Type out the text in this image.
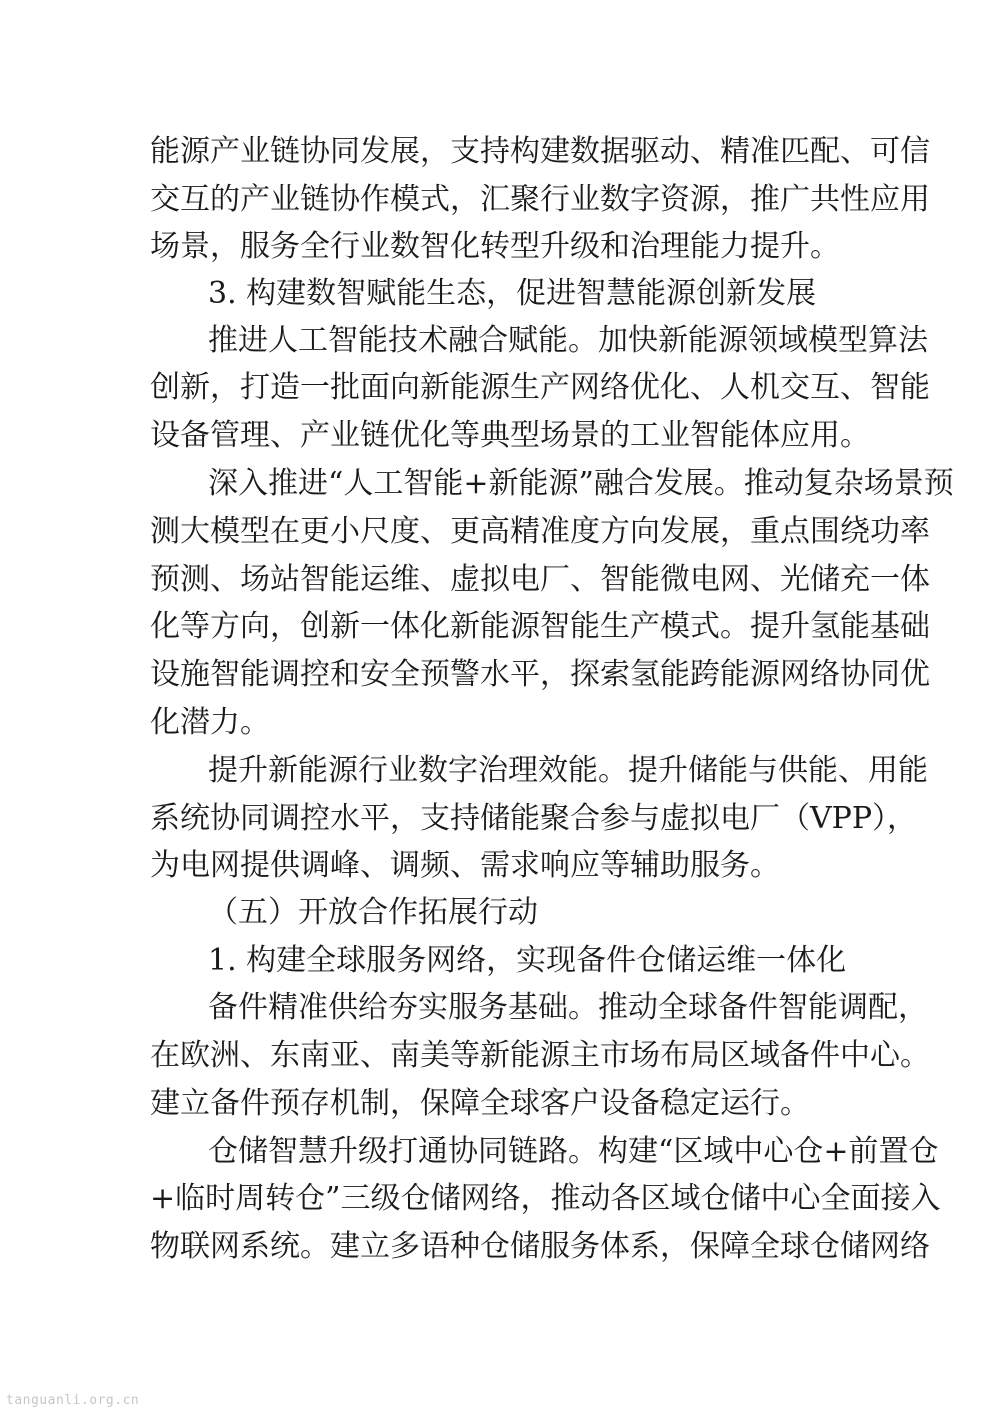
能源产业链协同发展，支持构建数据驱动、精准匹配、可信
交互的产业链协作模式，汇聚行业数字资源，推广共性应用
场景，服务全行业数智化转型升级和治理能力提升。
3. 构建数智赋能生态，促进智慧能源创新发展
推进人工智能技术融合赋能。加快新能源领域模型算法
创新，打造一批面向新能源生产网络优化、人机交互、智能
设备管理、产业链优化等典型场景的工业智能体应用。
深入推进“人工智能+新能源”融合发展。推动复杂场景预
测大模型在更小尺度、更高精准度方向发展，重点围绕功率
预测、场站智能运维、虚拟电厂、智能微电网、光储充一体
化等方向，创新一体化新能源智能生产模式。提升氢能基础
设施智能调控和安全预警水平，探索氢能跨能源网络协同优
化潜力。
提升新能源行业数字治理效能。提升储能与供能、用能
系统协同调控水平，支持储能聚合参与虚拟电厂（VPP），
为电网提供调峰、调频、需求响应等辅助服务。
（五）开放合作拓展行动
1. 构建全球服务网络，实现备件仓储运维一体化
备件精准供给夯实服务基础。推动全球备件智能调配，
在欧洲、东南亚、南美等新能源主市场布局区域备件中心。
建立备件预存机制，保障全球客户设备稳定运行。
仓储智慧升级打通协同链路。构建“区域中心仓+前置仓
+临时周转仓”三级仓储网络，推动各区域仓储中心全面接入
物联网系统。建立多语种仓储服务体系，保障全球仓储网络
tanguanli.org.cn
